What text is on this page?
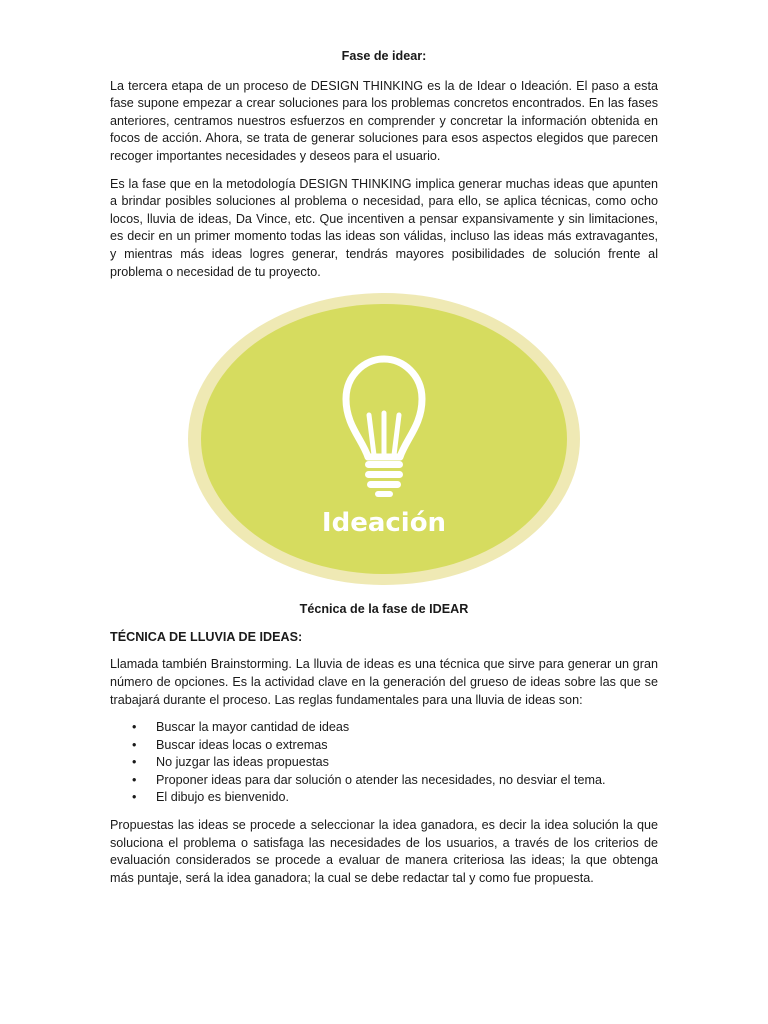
Fase de idear:

La tercera etapa de un proceso de DESIGN THINKING es la de Idear o Ideación. El paso a esta fase supone empezar a crear soluciones para los problemas concretos encontrados. En las fases anteriores, centramos nuestros esfuerzos en comprender y concretar la información obtenida en focos de acción. Ahora, se trata de generar soluciones para esos aspectos elegidos que parecen recoger importantes necesidades y deseos para el usuario.

Es la fase que en la metodología DESIGN THINKING implica generar muchas ideas que apunten a brindar posibles soluciones al problema o necesidad, para ello, se aplica técnicas, como ocho locos, lluvia de ideas, Da Vince, etc. Que incentiven a pensar expansivamente y sin limitaciones, es decir en un primer momento todas las ideas son válidas, incluso las ideas más extravagantes, y mientras más ideas logres generar, tendrás mayores posibilidades de solución frente al problema o necesidad de tu proyecto.

Ideación

Técnica de la fase de IDEAR

TÉCNICA DE LLUVIA DE IDEAS:

Llamada también Brainstorming. La lluvia de ideas es una técnica que sirve para generar un gran número de opciones. Es la actividad clave en la generación del grueso de ideas sobre las que se trabajará durante el proceso. Las reglas fundamentales para una lluvia de ideas son:

• Buscar la mayor cantidad de ideas
• Buscar ideas locas o extremas
• No juzgar las ideas propuestas
• Proponer ideas para dar solución o atender las necesidades, no desviar el tema.
• El dibujo es bienvenido.

Propuestas las ideas se procede a seleccionar la idea ganadora, es decir la idea solución la que soluciona el problema o satisfaga las necesidades de los usuarios, a través de los criterios de evaluación considerados se procede a evaluar de manera criteriosa las ideas; la que obtenga más puntaje, será la idea ganadora; la cual se debe redactar tal y como fue propuesta.
